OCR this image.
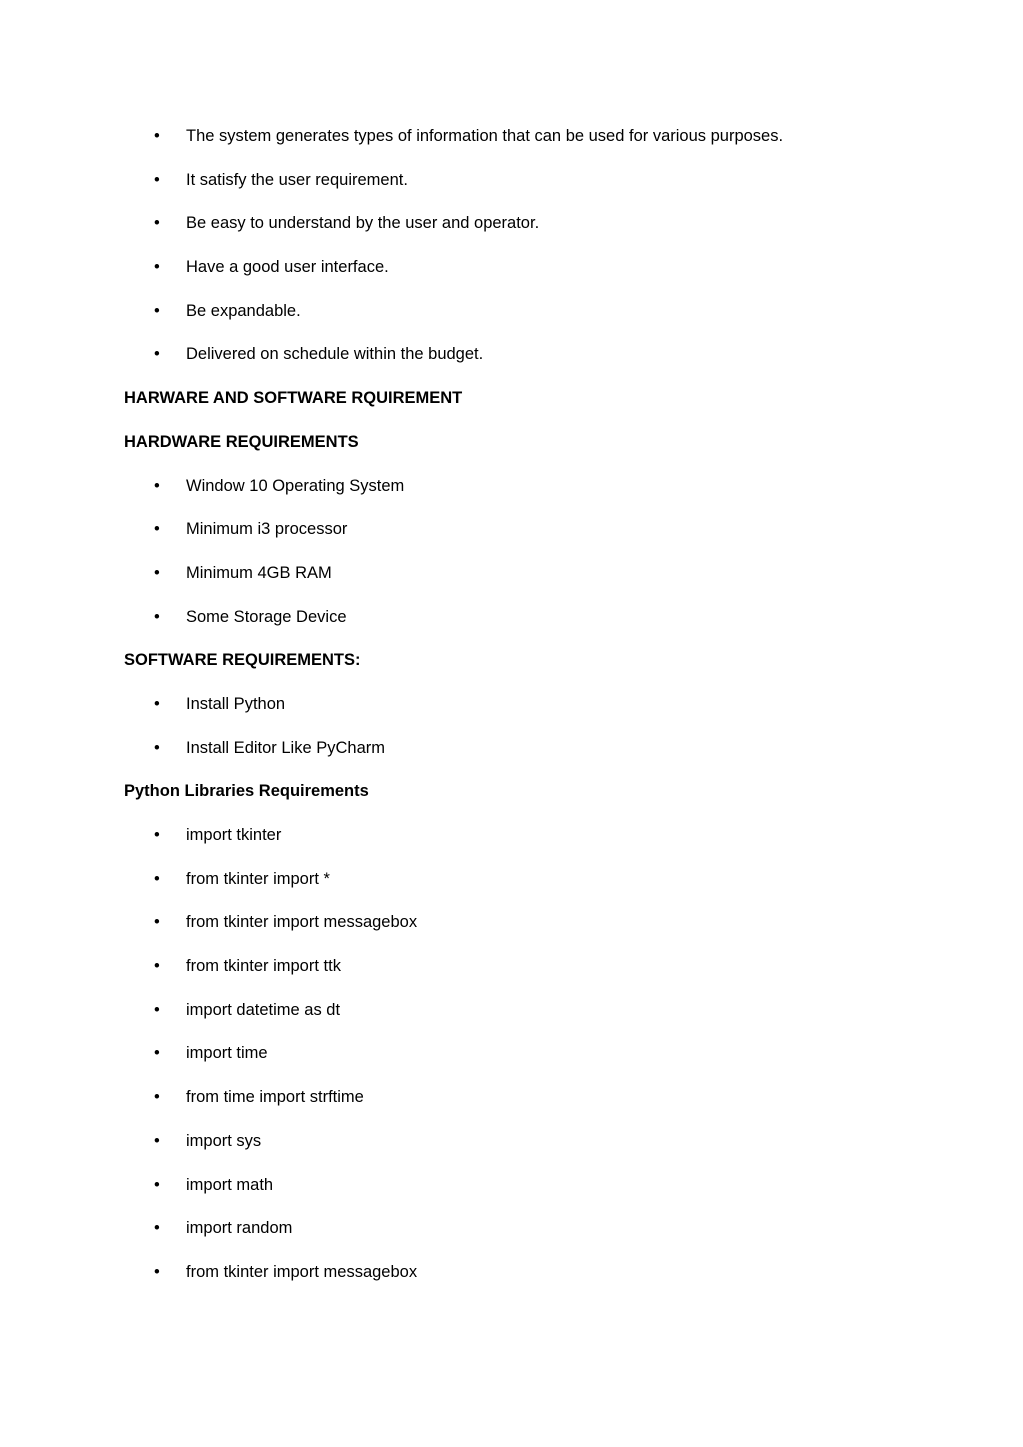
•	The system generates types of information that can be used for various purposes.
•	It satisfy the user requirement.
•	Be easy to understand by the user and operator.
•	Have a good user interface.
•	Be expandable.
•	Delivered on schedule within the budget.
HARWARE AND SOFTWARE RQUIREMENT
HARDWARE REQUIREMENTS
•	Window 10 Operating System
•	Minimum i3 processor
•	Minimum 4GB RAM
•	Some Storage Device
SOFTWARE REQUIREMENTS:
•	Install Python
•	Install Editor Like PyCharm
Python Libraries Requirements
•	import tkinter
•	from tkinter import *
•	from tkinter import messagebox
•	from tkinter import ttk
•	import datetime as dt
•	import time
•	from time import strftime
•	import sys
•	import math
•	import random
•	from tkinter import messagebox
